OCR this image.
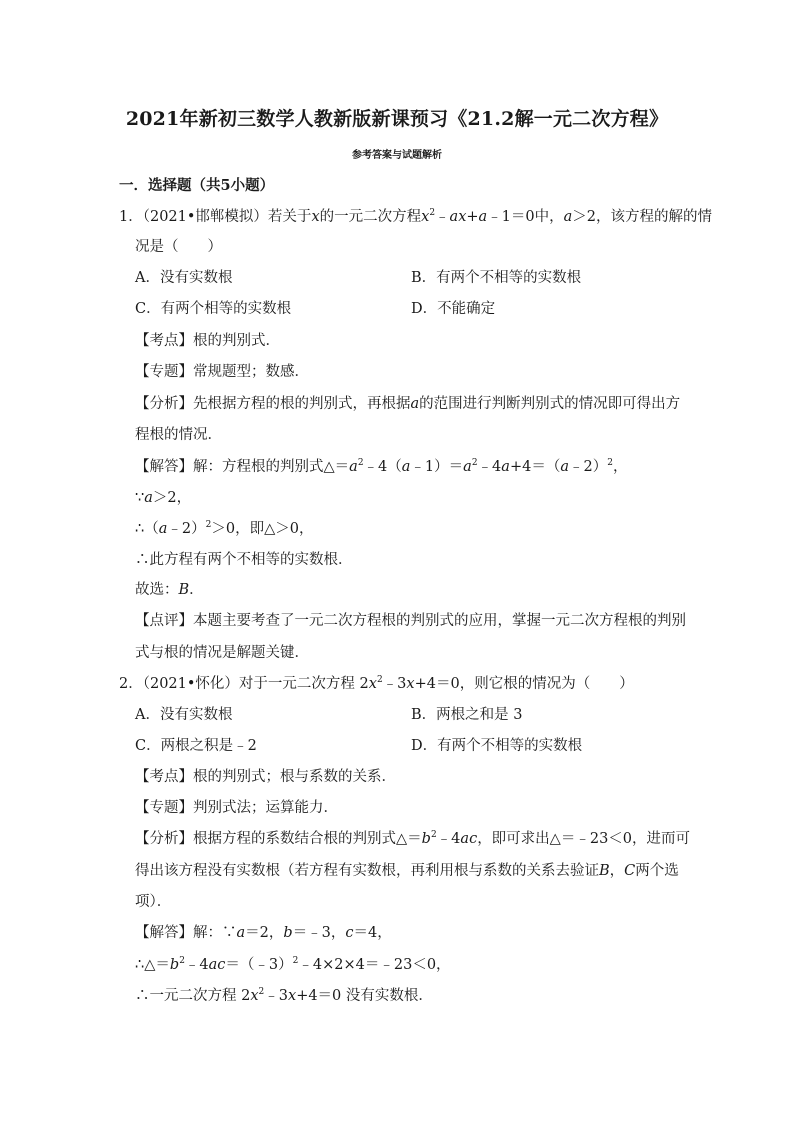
2021年新初三数学人教新版新课预习《21.2解一元二次方程》
参考答案与试题解析
一．选择题（共5小题）
1．（2021•邯郸模拟）若关于x的一元二次方程$x^2﹣ax+a﹣1=0$中，a＞2，该方程的解的情
况是（　　）
A．没有实数根	B．有两个不相等的实数根
C．有两个相等的实数根	D．不能确定
【考点】根的判别式．
【专题】常规题型；数感．
【分析】先根据方程的根的判别式，再根据a的范围进行判断判别式的情况即可得出方
程根的情况．
【解答】解：方程根的判别式$\triangle=a^2﹣4(a﹣1)=a^2﹣4a+4=(a﹣2)^2$，
∵a＞2，
∴（a﹣2）$^2$＞0，即△＞0，
∴此方程有两个不相等的实数根．
故选：B．
【点评】本题主要考查了一元二次方程根的判别式的应用，掌握一元二次方程根的判别
式与根的情况是解题关键．
2．（2021•怀化）对于一元二次方程 $2x^2﹣3x+4=0$，则它根的情况为（　　）
A．没有实数根	B．两根之和是 3
C．两根之积是﹣2	D．有两个不相等的实数根
【考点】根的判别式；根与系数的关系．
【专题】判别式法；运算能力．
【分析】根据方程的系数结合根的判别式$\triangle=b^2﹣4ac$，即可求出△＝﹣23＜0，进而可
得出该方程没有实数根（若方程有实数根，再利用根与系数的关系去验证B，C两个选
项）．
【解答】解：∵a＝2，b＝﹣3，c＝4，
$\therefore\triangle=b^2﹣4ac=(﹣3)^2﹣4\times 2\times 4=﹣23<0$，
∴一元二次方程 $2x^2﹣3x+4=0$ 没有实数根．
